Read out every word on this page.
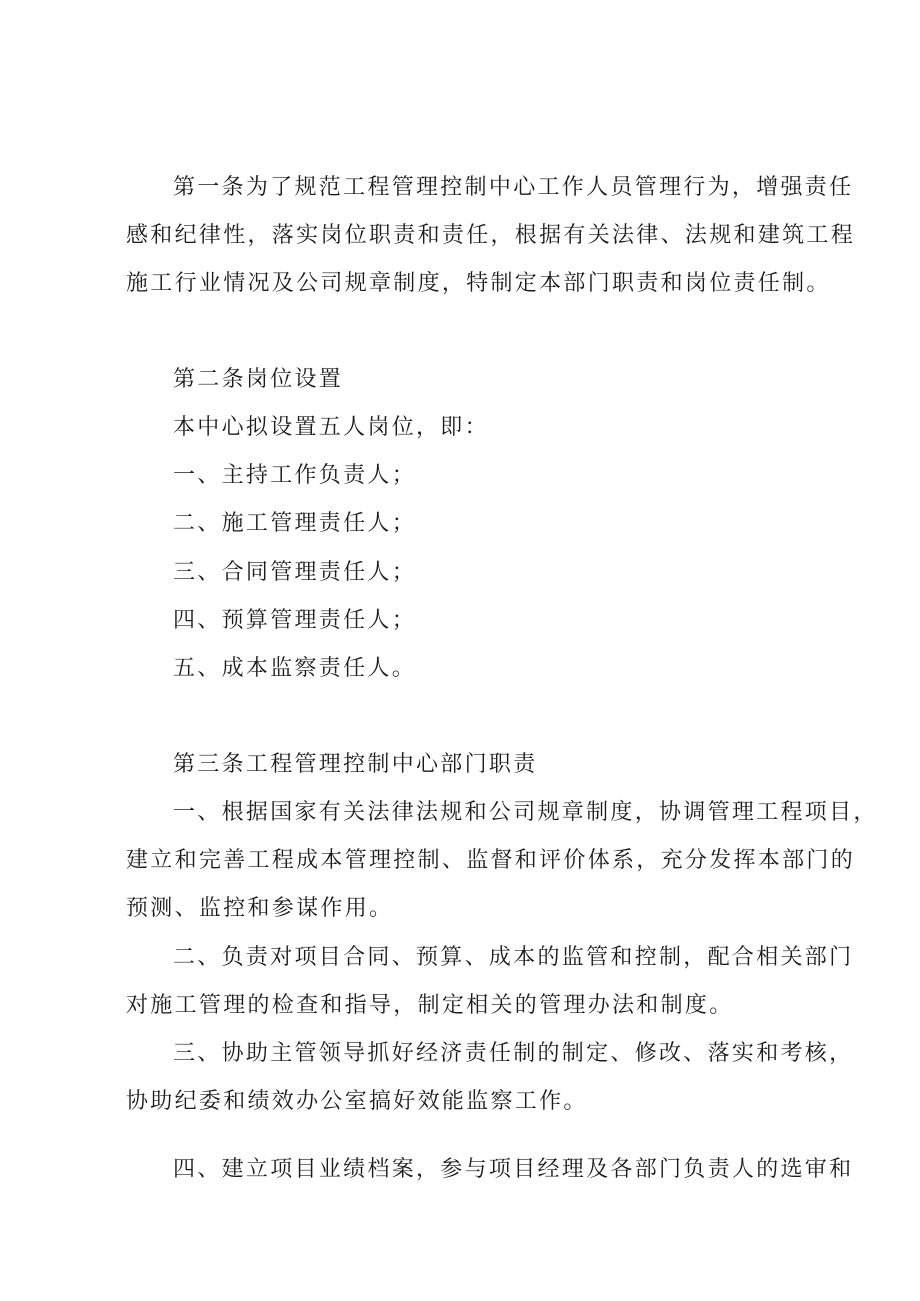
第一条为了规范工程管理控制中心工作人员管理行为，增强责任
感和纪律性，落实岗位职责和责任，根据有关法律、法规和建筑工程
施工行业情况及公司规章制度，特制定本部门职责和岗位责任制。
第二条岗位设置
本中心拟设置五人岗位，即：
一、主持工作负责人；
二、施工管理责任人；
三、合同管理责任人；
四、预算管理责任人；
五、成本监察责任人。
第三条工程管理控制中心部门职责
一、根据国家有关法律法规和公司规章制度，协调管理工程项目，
建立和完善工程成本管理控制、监督和评价体系，充分发挥本部门的
预测、监控和参谋作用。
二、负责对项目合同、预算、成本的监管和控制，配合相关部门
对施工管理的检查和指导，制定相关的管理办法和制度。
三、协助主管领导抓好经济责任制的制定、修改、落实和考核，
协助纪委和绩效办公室搞好效能监察工作。
四、建立项目业绩档案，参与项目经理及各部门负责人的选审和
